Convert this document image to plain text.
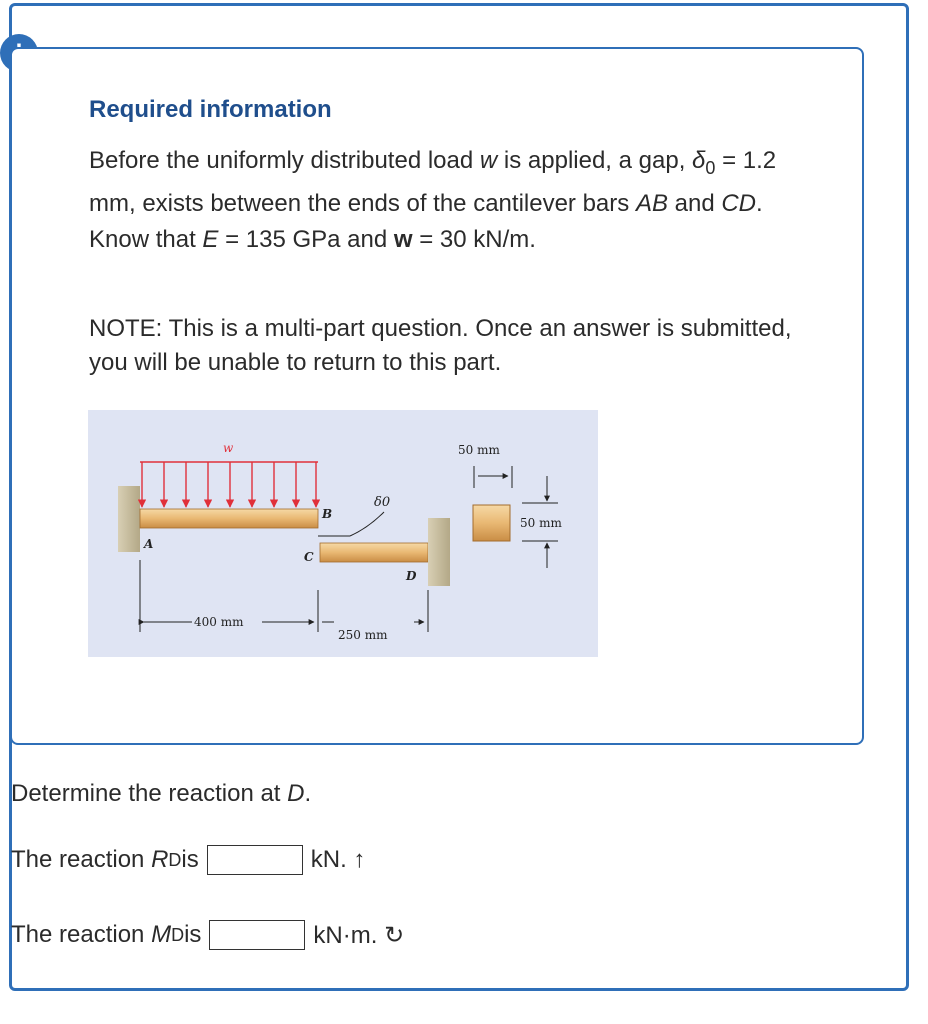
Required information
Before the uniformly distributed load w is applied, a gap, $\delta_0 = 1.2$ mm, exists between the ends of the cantilever bars AB and CD. Know that E = 135 GPa and w = 30 kN/m.
NOTE: This is a multi-part question. Once an answer is submitted, you will be unable to return to this part.
w
A
B
C
D
δ0
400 mm
250 mm
50 mm
50 mm
Determine the reaction at D.
The reaction
R D is	kN. ↑
The reaction
M D is	kN·m. ↻
